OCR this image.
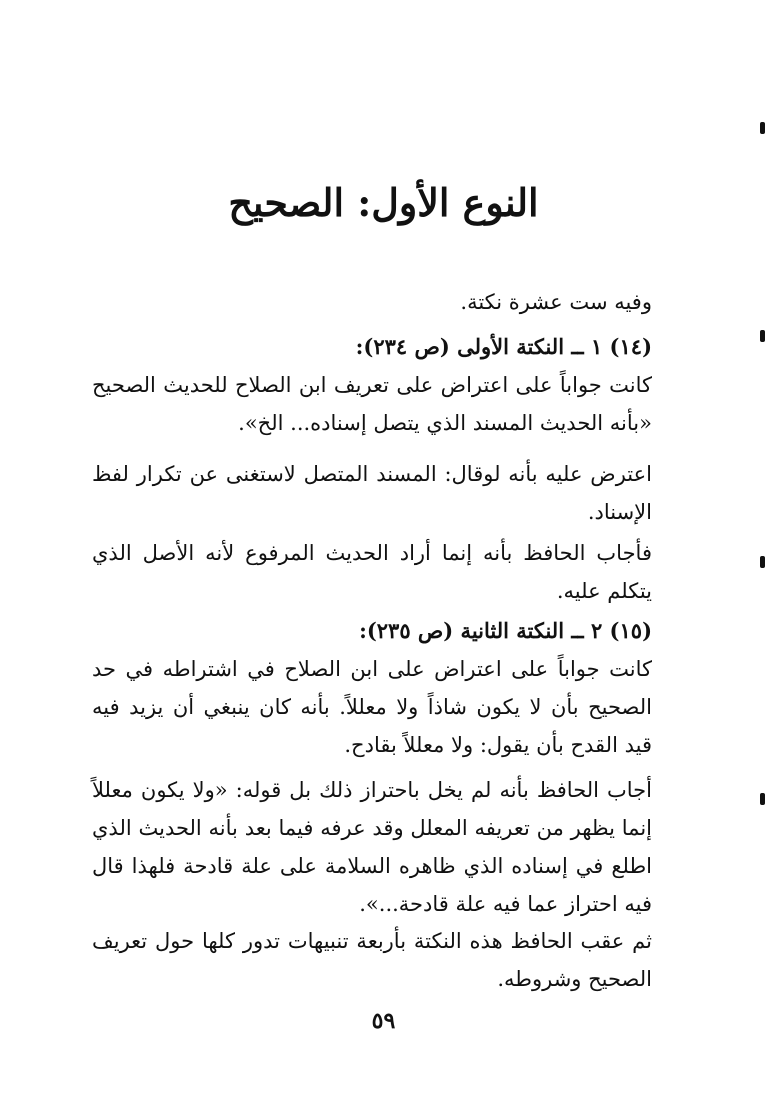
النوع الأول: الصحيح
وفيه ست عشرة نكتة.
(١٤) ١ ــ النكتة الأولى (ص ٢٣٤):
كانت جواباً على اعتراض على تعريف ابن الصلاح للحديث الصحيح «بأنه الحديث المسند الذي يتصل إسناده... الخ».
اعترض عليه بأنه لوقال: المسند المتصل لاستغنى عن تكرار لفظ الإسناد.
فأجاب الحافظ بأنه إنما أراد الحديث المرفوع لأنه الأصل الذي يتكلم عليه.
(١٥) ٢ ــ النكتة الثانية (ص ٢٣٥):
كانت جواباً على اعتراض على ابن الصلاح في اشتراطه في حد الصحيح بأن لا يكون شاذاً ولا معللاً. بأنه كان ينبغي أن يزيد فيه قيد القدح بأن يقول: ولا معللاً بقادح.
أجاب الحافظ بأنه لم يخل باحتراز ذلك بل قوله: «ولا يكون معللاً إنما يظهر من تعريفه المعلل وقد عرفه فيما بعد بأنه الحديث الذي اطلع في إسناده الذي ظاهره السلامة على علة قادحة فلهذا قال فيه احتراز عما فيه علة قادحة...».
ثم عقب الحافظ هذه النكتة بأربعة تنبيهات تدور كلها حول تعريف الصحيح وشروطه.
٥٩
